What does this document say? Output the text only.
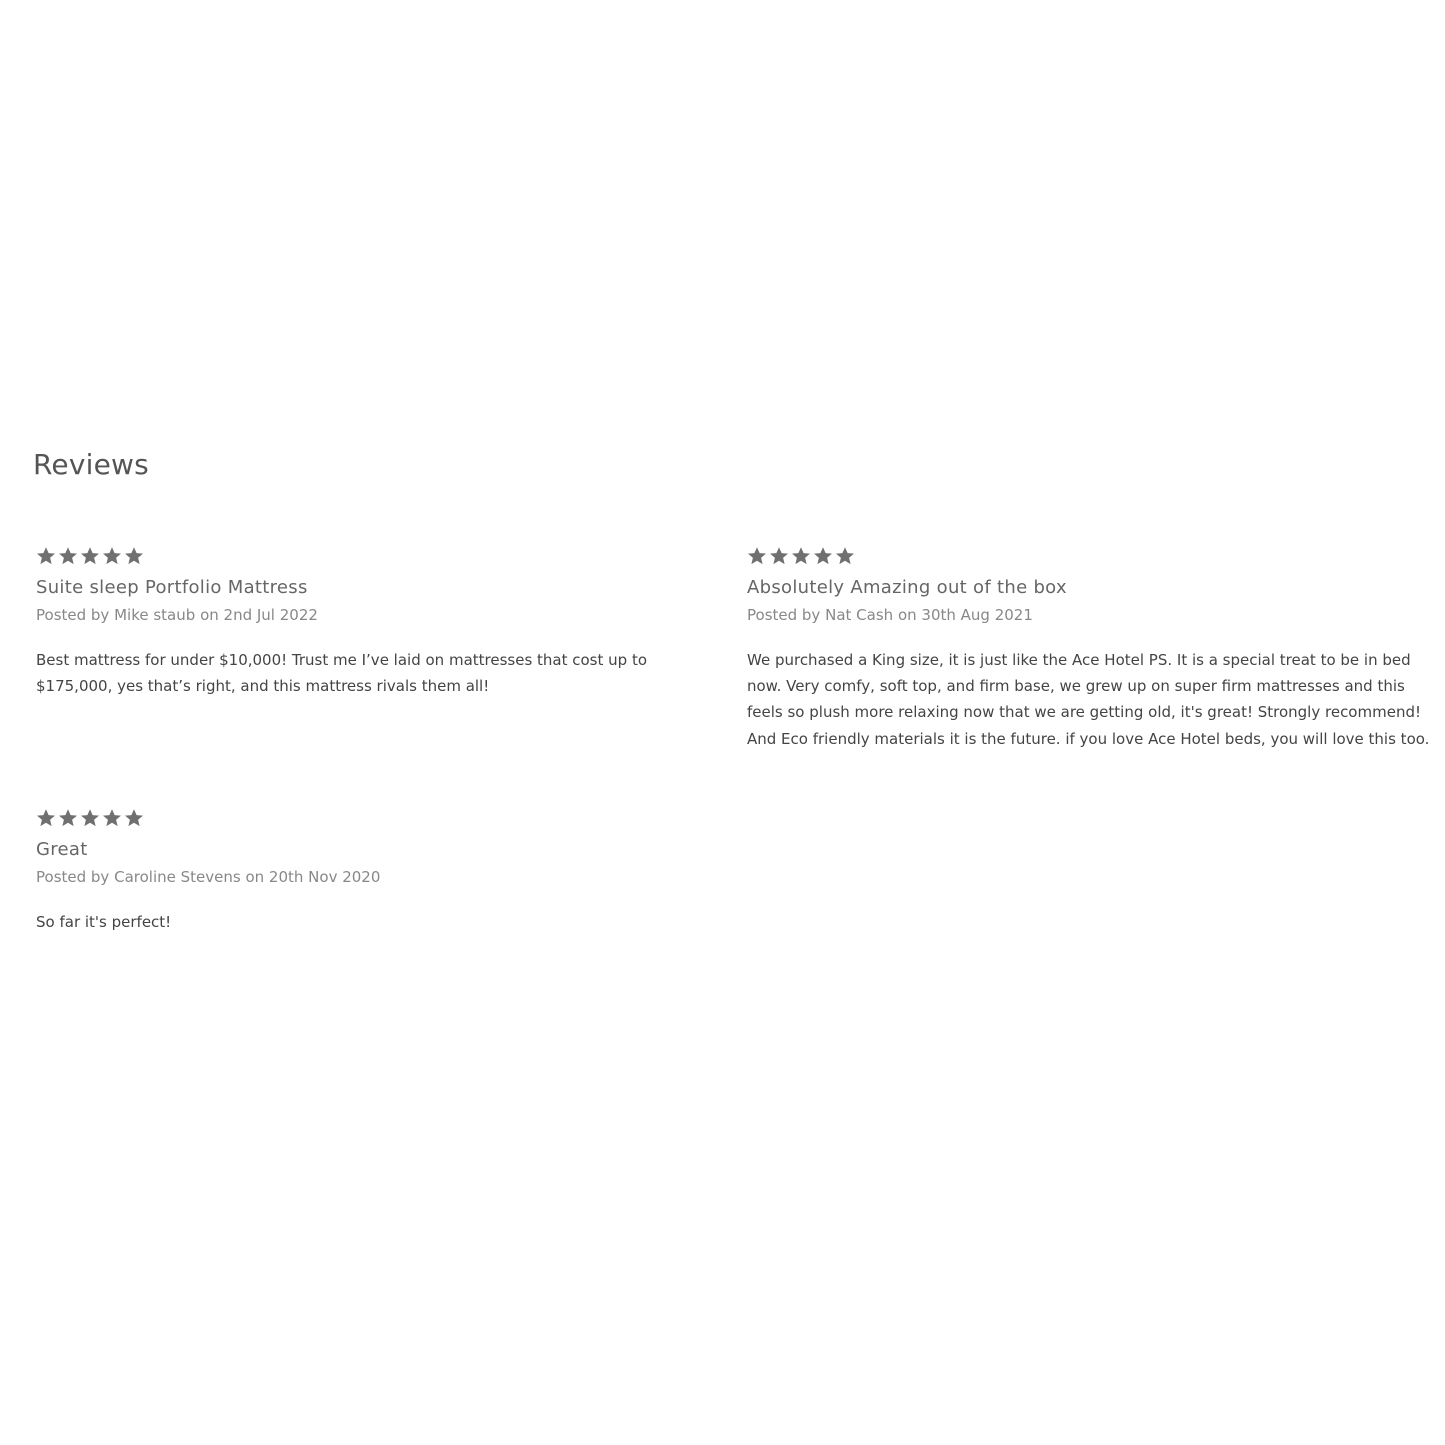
Reviews
Suite sleep Portfolio Mattress
Posted by Mike staub on 2nd Jul 2022
Best mattress for under $10,000! Trust me I’ve laid on mattresses that cost up to $175,000, yes that’s right, and this mattress rivals them all!
Absolutely Amazing out of the box
Posted by Nat Cash on 30th Aug 2021
We purchased a King size, it is just like the Ace Hotel PS. It is a special treat to be in bed now. Very comfy, soft top, and firm base, we grew up on super firm mattresses and this feels so plush more relaxing now that we are getting old, it's great! Strongly recommend! And Eco friendly materials it is the future. if you love Ace Hotel beds, you will love this too.
Great
Posted by Caroline Stevens on 20th Nov 2020
So far it's perfect!
